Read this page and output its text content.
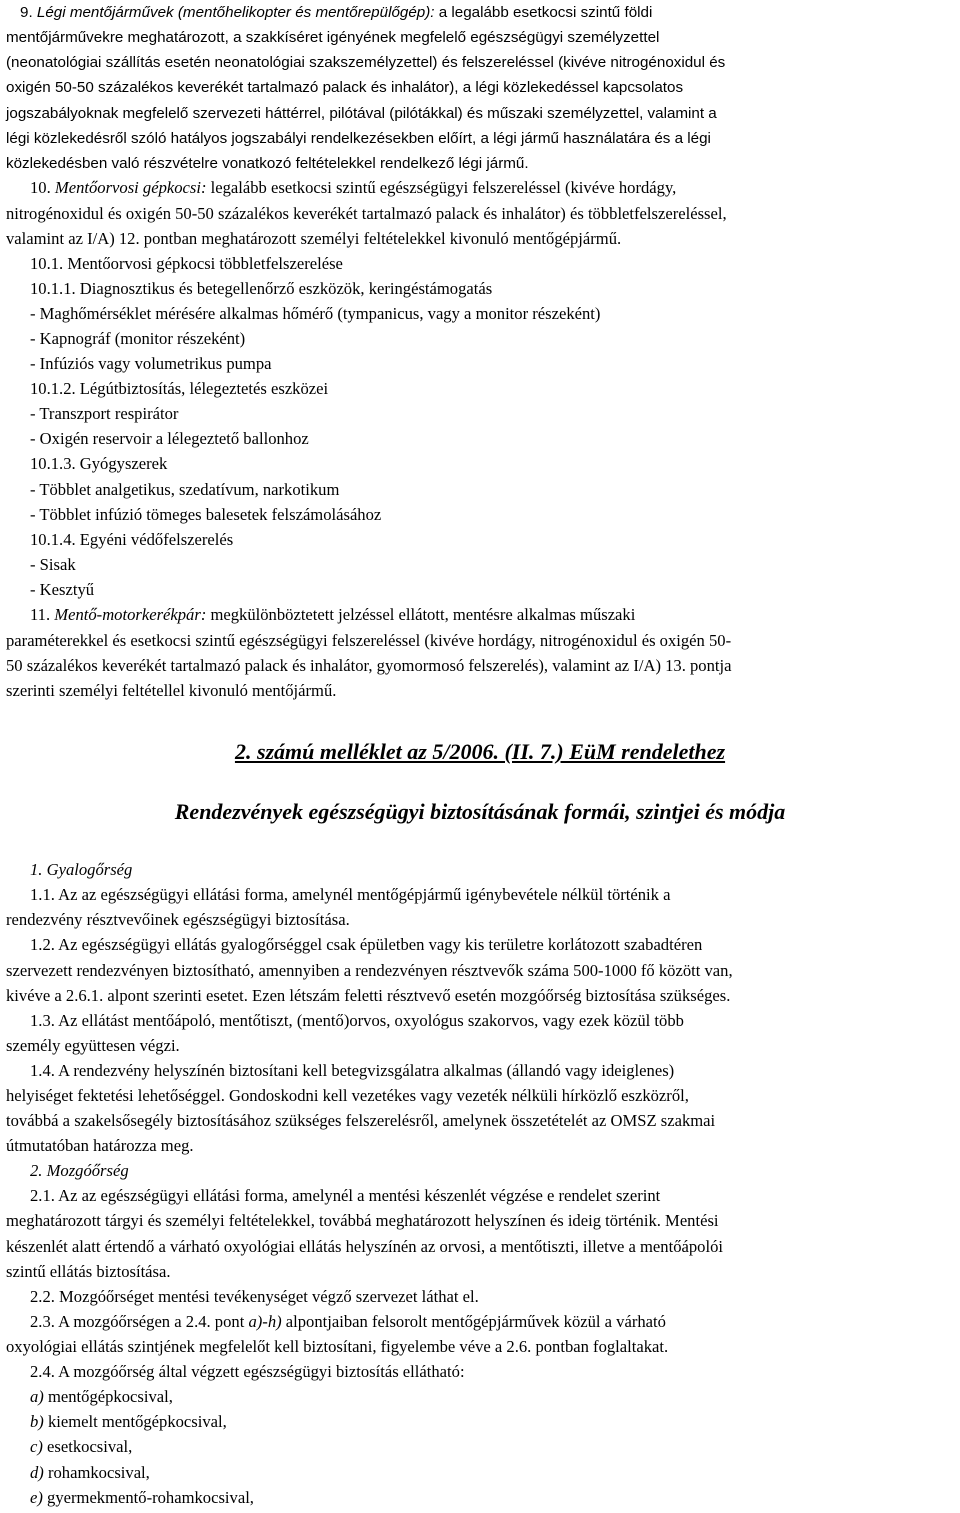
9. Légi mentőjárművek (mentőhelikopter és mentőrepülőgép): a legalább esetkocsi szintű földi
mentőjárművekre meghatározott, a szakkíséret igényének megfelelő egészségügyi személyzettel
(neonatológiai szállítás esetén neonatológiai szakszemélyzettel) és felszereléssel (kivéve nitrogénoxidul és
oxigén 50-50 százalékos keverékét tartalmazó palack és inhalátor), a légi közlekedéssel kapcsolatos
jogszabályoknak megfelelő szervezeti háttérrel, pilótával (pilótákkal) és műszaki személyzettel, valamint a
légi közlekedésről szóló hatályos jogszabályi rendelkezésekben előírt, a légi jármű használatára és a légi
közlekedésben való részvételre vonatkozó feltételekkel rendelkező légi jármű.
10. Mentőorvosi gépkocsi: legalább esetkocsi szintű egészségügyi felszereléssel (kivéve hordágy,
nitrogénoxidul és oxigén 50-50 százalékos keverékét tartalmazó palack és inhalátor) és többletfelszereléssel,
valamint az I/A) 12. pontban meghatározott személyi feltételekkel kivonuló mentőgépjármű.
10.1. Mentőorvosi gépkocsi többletfelszerelése
10.1.1. Diagnosztikus és betegellenőrző eszközök, keringéstámogatás
- Maghőmérséklet mérésére alkalmas hőmérő (tympanicus, vagy a monitor részeként)
- Kapnográf (monitor részeként)
- Infúziós vagy volumetrikus pumpa
10.1.2. Légútbiztosítás, lélegeztetés eszközei
- Transzport respirátor
- Oxigén reservoir a lélegeztető ballonhoz
10.1.3. Gyógyszerek
- Többlet analgetikus, szedatívum, narkotikum
- Többlet infúzió tömeges balesetek felszámolásához
10.1.4. Egyéni védőfelszerelés
- Sisak
- Kesztyű
11. Mentő-motorkerékpár: megkülönböztetett jelzéssel ellátott, mentésre alkalmas műszaki
paraméterekkel és esetkocsi szintű egészségügyi felszereléssel (kivéve hordágy, nitrogénoxidul és oxigén 50-
50 százalékos keverékét tartalmazó palack és inhalátor, gyomormosó felszerelés), valamint az I/A) 13. pontja
szerinti személyi feltétellel kivonuló mentőjármű.
1. Gyalogőrség
1.1. Az az egészségügyi ellátási forma, amelynél mentőgépjármű igénybevétele nélkül történik a
rendezvény résztvevőinek egészségügyi biztosítása.
1.2. Az egészségügyi ellátás gyalogőrséggel csak épületben vagy kis területre korlátozott szabadtéren
szervezett rendezvényen biztosítható, amennyiben a rendezvényen résztvevők száma 500-1000 fő között van,
kivéve a 2.6.1. alpont szerinti esetet. Ezen létszám feletti résztvevő esetén mozgóőrség biztosítása szükséges.
1.3. Az ellátást mentőápoló, mentőtiszt, (mentő)orvos, oxyológus szakorvos, vagy ezek közül több
személy együttesen végzi.
1.4. A rendezvény helyszínén biztosítani kell betegvizsgálatra alkalmas (állandó vagy ideiglenes)
helyiséget fektetési lehetőséggel. Gondoskodni kell vezetékes vagy vezeték nélküli hírközlő eszközről,
továbbá a szakelsősegély biztosításához szükséges felszerelésről, amelynek összetételét az OMSZ szakmai
útmutatóban határozza meg.
2. Mozgóőrség
2.1. Az az egészségügyi ellátási forma, amelynél a mentési készenlét végzése e rendelet szerint
meghatározott tárgyi és személyi feltételekkel, továbbá meghatározott helyszínen és ideig történik. Mentési
készenlét alatt értendő a várható oxyológiai ellátás helyszínén az orvosi, a mentőtiszti, illetve a mentőápolói
szintű ellátás biztosítása.
2.2. Mozgóőrséget mentési tevékenységet végző szervezet láthat el.
2.3. A mozgóőrségen a 2.4. pont a)-h) alpontjaiban felsorolt mentőgépjárművek közül a várható
oxyológiai ellátás szintjének megfelelőt kell biztosítani, figyelembe véve a 2.6. pontban foglaltakat.
2.4. A mozgóőrség által végzett egészségügyi biztosítás ellátható:
a) mentőgépkocsival,
b) kiemelt mentőgépkocsival,
c) esetkocsival,
d) rohamkocsival,
e) gyermekmentő-rohamkocsival,
2. számú melléklet az 5/2006. (II. 7.) EüM rendelethez
Rendezvények egészségügyi biztosításának formái, szintjei és módja
